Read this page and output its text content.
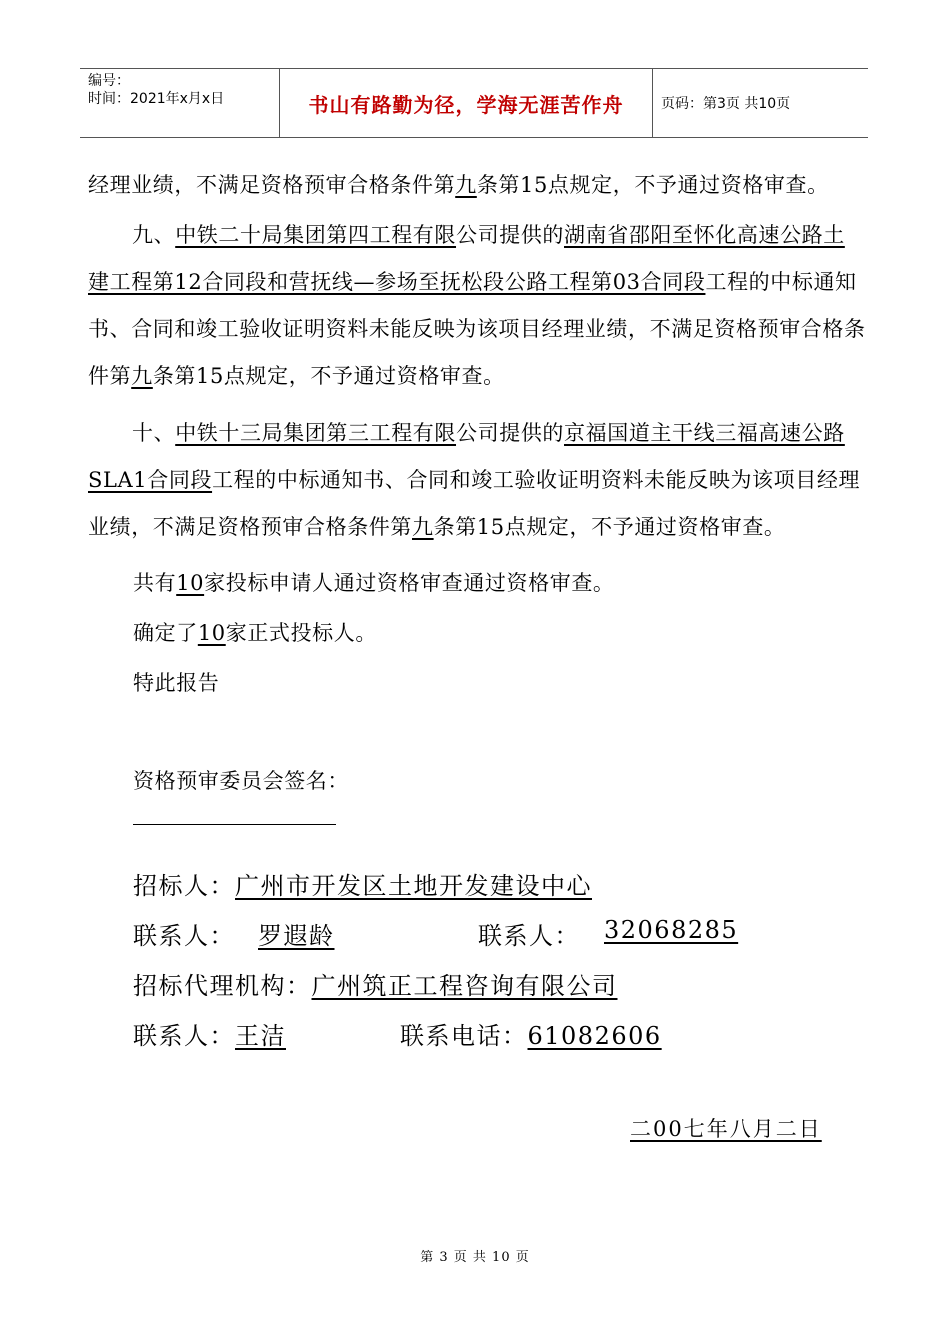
编号：
时间：2021年x月x日	书山有路勤为径，学海无涯苦作舟	页码：第3页 共10页
经理业绩，不满足资格预审合格条件第九条第15点规定，不予通过资格审查。
九、中铁二十局集团第四工程有限公司提供的湖南省邵阳至怀化高速公路土建工程第12合同段和营抚线—参场至抚松段公路工程第03合同段工程的中标通知书、合同和竣工验收证明资料未能反映为该项目经理业绩，不满足资格预审合格条件第九条第15点规定，不予通过资格审查。
十、中铁十三局集团第三工程有限公司提供的京福国道主干线三福高速公路SLA1合同段工程的中标通知书、合同和竣工验收证明资料未能反映为该项目经理业绩，不满足资格预审合格条件第九条第15点规定，不予通过资格审查。
共有10家投标申请人通过资格审查通过资格审查。
确定了10家正式投标人。
特此报告
资格预审委员会签名：
招标人：广州市开发区土地开发建设中心
联系人： 罗遐龄	联系人： 32068285
招标代理机构：广州筑正工程咨询有限公司
联系人：王洁	联系电话：61082606
二00七年八月二日
第 3 页 共 10 页
